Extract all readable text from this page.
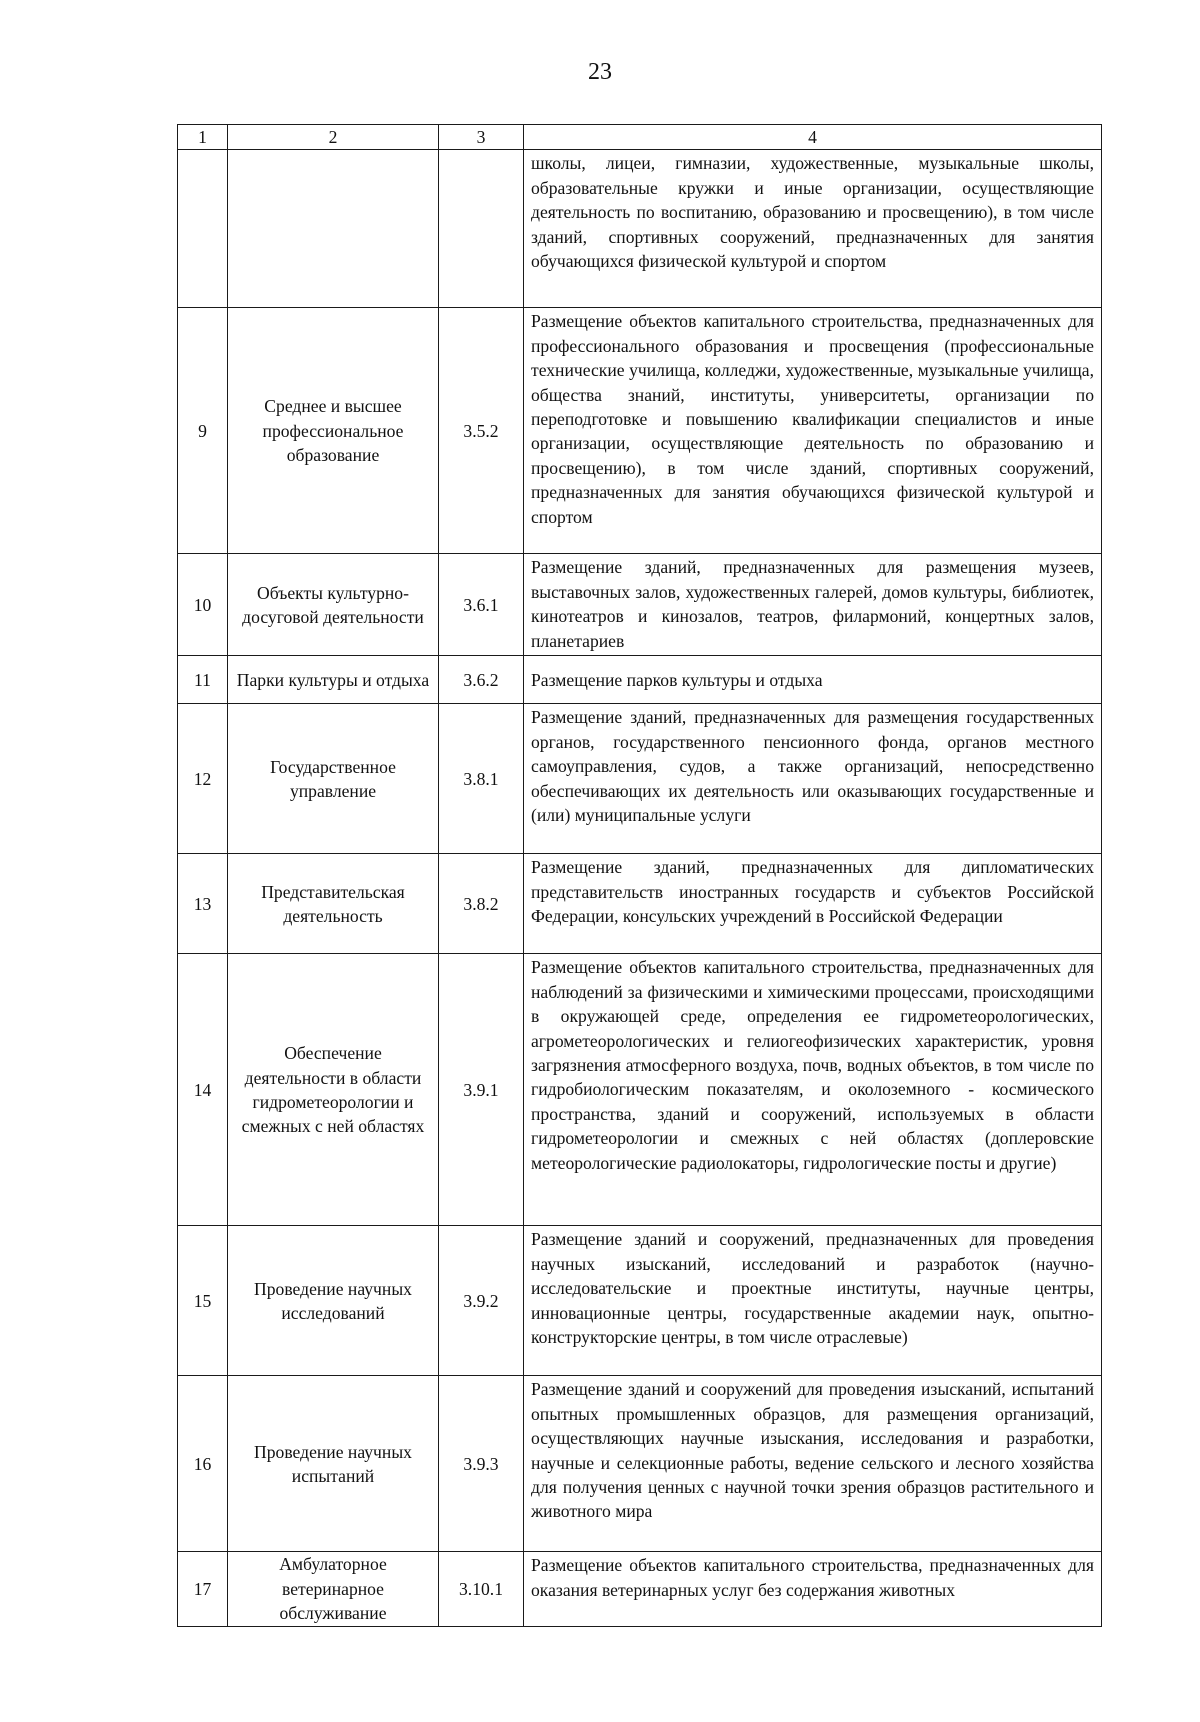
23
1	2	3	4
			школы, лицеи, гимназии, художественные, музыкальные школы, образовательные кружки и иные организации, осуществляющие деятельность по воспитанию, образованию и просвещению), в том числе зданий, спортивных сооружений, предназначенных для занятия обучающихся физической культурой и спортом
9	Среднее и высшее профессиональное образование	3.5.2	Размещение объектов капитального строительства, предназначенных для профессионального образования и просвещения (профессиональные технические училища, колледжи, художественные, музыкальные училища, общества знаний, институты, университеты, организации по переподготовке и повышению квалификации специалистов и иные организации, осуществляющие деятельность по образованию и просвещению), в том числе зданий, спортивных сооружений, предназначенных для занятия обучающихся физической культурой и спортом
10	Объекты культурно-досуговой деятельности	3.6.1	Размещение зданий, предназначенных для размещения музеев, выставочных залов, художественных галерей, домов культуры, библиотек, кинотеатров и кинозалов, театров, филармоний, концертных залов, планетариев
11	Парки культуры и отдыха	3.6.2	Размещение парков культуры и отдыха
12	Государственное управление	3.8.1	Размещение зданий, предназначенных для размещения государственных органов, государственного пенсионного фонда, органов местного самоуправления, судов, а также организаций, непосредственно обеспечивающих их деятельность или оказывающих государственные и (или) муниципальные услуги
13	Представительская деятельность	3.8.2	Размещение зданий, предназначенных для дипломатических представительств иностранных государств и субъектов Российской Федерации, консульских учреждений в Российской Федерации
14	Обеспечение деятельности в области гидрометеорологии и смежных с ней областях	3.9.1	Размещение объектов капитального строительства, предназначенных для наблюдений за физическими и химическими процессами, происходящими в окружающей среде, определения ее гидрометеорологических, агрометеорологических и гелиогеофизических характеристик, уровня загрязнения атмосферного воздуха, почв, водных объектов, в том числе по гидробиологическим показателям, и околоземного - космического пространства, зданий и сооружений, используемых в области гидрометеорологии и смежных с ней областях (доплеровские метеорологические радиолокаторы, гидрологические посты и другие)
15	Проведение научных исследований	3.9.2	Размещение зданий и сооружений, предназначенных для проведения научных изысканий, исследований и разработок (научно-исследовательские и проектные институты, научные центры, инновационные центры, государственные академии наук, опытно-конструкторские центры, в том числе отраслевые)
16	Проведение научных испытаний	3.9.3	Размещение зданий и сооружений для проведения изысканий, испытаний опытных промышленных образцов, для размещения организаций, осуществляющих научные изыскания, исследования и разработки, научные и селекционные работы, ведение сельского и лесного хозяйства для получения ценных с научной точки зрения образцов растительного и животного мира
17	Амбулаторное ветеринарное обслуживание	3.10.1	Размещение объектов капитального строительства, предназначенных для оказания ветеринарных услуг без содержания животных
